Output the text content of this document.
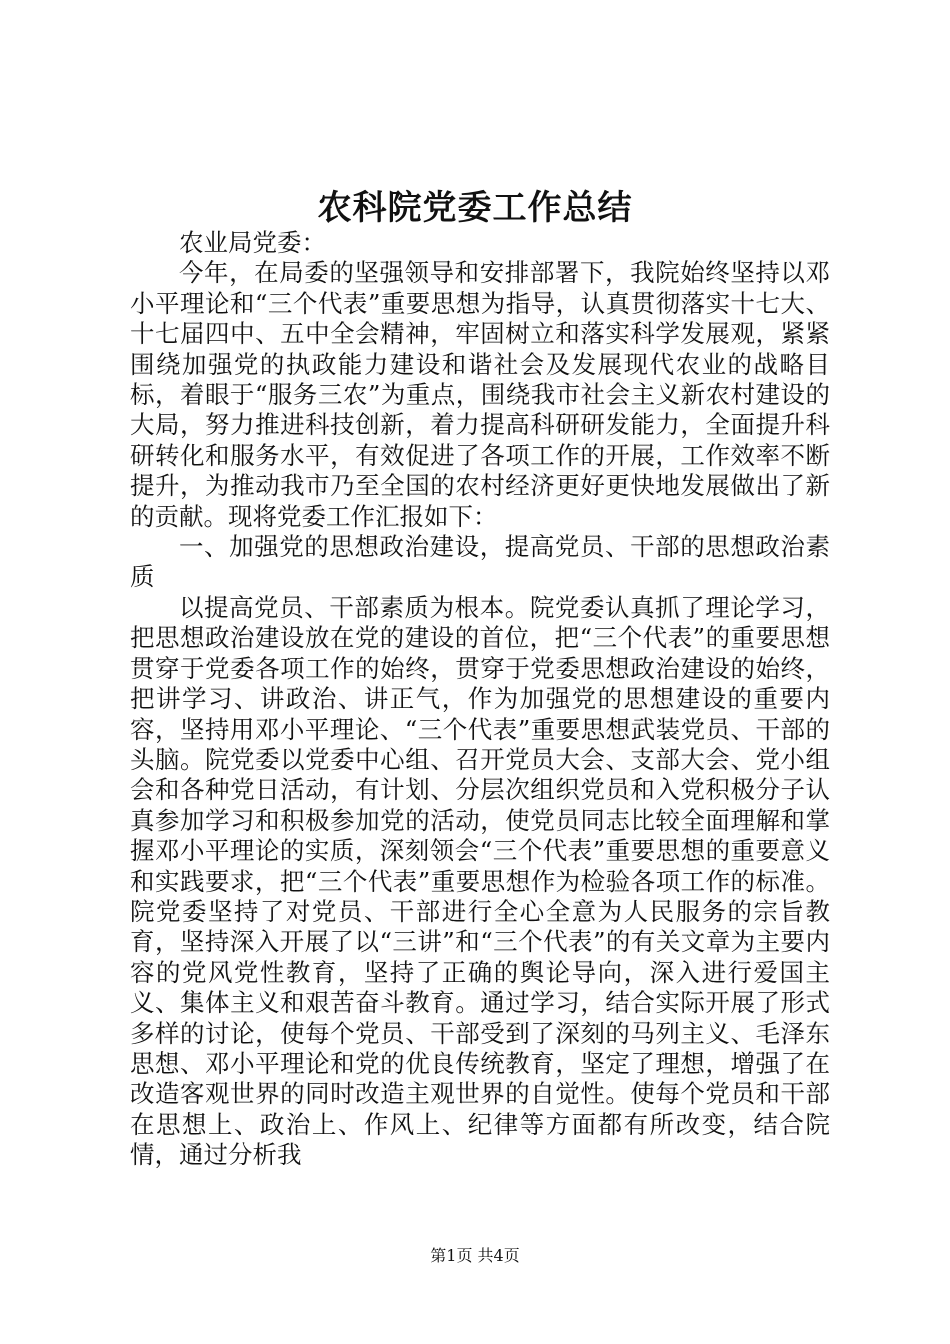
农科院党委工作总结

农业局党委：

今年，在局委的坚强领导和安排部署下，我院始终坚持以邓小平理论和“三个代表”重要思想为指导，认真贯彻落实十七大、十七届四中、五中全会精神，牢固树立和落实科学发展观，紧紧围绕加强党的执政能力建设和谐社会及发展现代农业的战略目标，着眼于“服务三农”为重点，围绕我市社会主义新农村建设的大局，努力推进科技创新，着力提高科研研发能力，全面提升科研转化和服务水平，有效促进了各项工作的开展，工作效率不断提升，为推动我市乃至全国的农村经济更好更快地发展做出了新的贡献。现将党委工作汇报如下：

一、加强党的思想政治建设，提高党员、干部的思想政治素质

以提高党员、干部素质为根本。院党委认真抓了理论学习，把思想政治建设放在党的建设的首位，把“三个代表”的重要思想贯穿于党委各项工作的始终，贯穿于党委思想政治建设的始终，把讲学习、讲政治、讲正气，作为加强党的思想建设的重要内容，坚持用邓小平理论、“三个代表”重要思想武装党员、干部的头脑。院党委以党委中心组、召开党员大会、支部大会、党小组会和各种党日活动，有计划、分层次组织党员和入党积极分子认真参加学习和积极参加党的活动，使党员同志比较全面理解和掌握邓小平理论的实质，深刻领会“三个代表”重要思想的重要意义和实践要求，把“三个代表”重要思想作为检验各项工作的标准。院党委坚持了对党员、干部进行全心全意为人民服务的宗旨教育，坚持深入开展了以“三讲”和“三个代表”的有关文章为主要内容的党风党性教育，坚持了正确的舆论导向，深入进行爱国主义、集体主义和艰苦奋斗教育。通过学习，结合实际开展了形式多样的讨论，使每个党员、干部受到了深刻的马列主义、毛泽东思想、邓小平理论和党的优良传统教育，坚定了理想，增强了在改造客观世界的同时改造主观世界的自觉性。使每个党员和干部在思想上、政治上、作风上、纪律等方面都有所改变，结合院情，通过分析我

第1页 共4页
